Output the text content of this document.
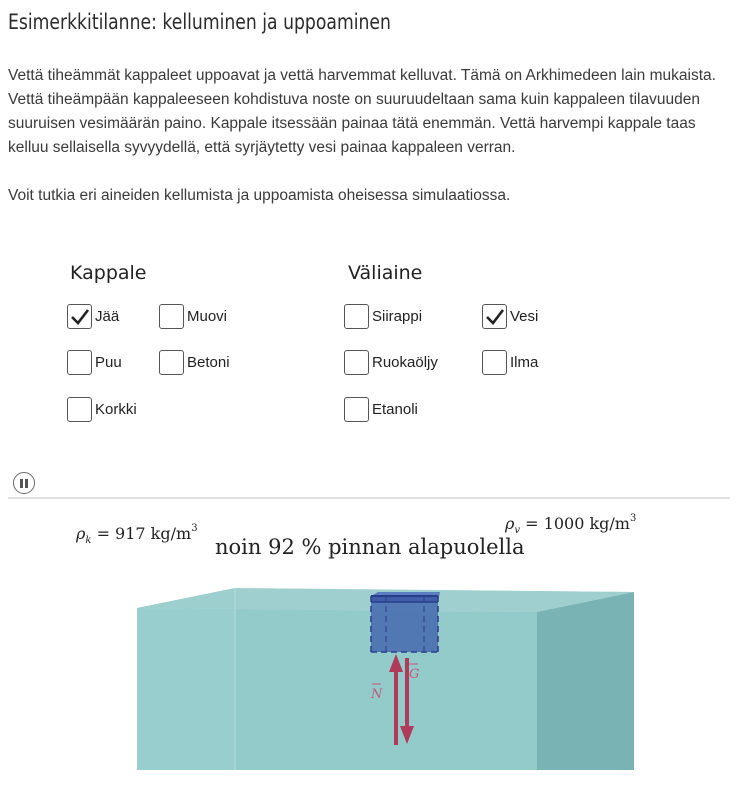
Esimerkkitilanne: kelluminen ja uppoaminen

Vettä tiheämmät kappaleet uppoavat ja vettä harvemmat kelluvat. Tämä on Arkhimedeen lain mukaista. Vettä tiheämpään kappaleeseen kohdistuva noste on suuruudeltaan sama kuin kappaleen tilavuuden suuruisen vesimäärän paino. Kappale itsessään painaa tätä enemmän. Vettä harvempi kappale taas kelluu sellaisella syvyydellä, että syrjäytetty vesi painaa kappaleen verran.

Voit tutkia eri aineiden kellumista ja uppoamista oheisessa simulaatiossa.

Kappale	Väliaine
Jää	Muovi
Puu	Betoni
Korkki
Siirappi	Vesi
Ruokaöljy	Ilma
Etanoli
$\rho_k = 917$ $kg/m^3$	$\rho_v = 1000$ $kg/m^3$
noin 92 % pinnan alapuolella
G
N
